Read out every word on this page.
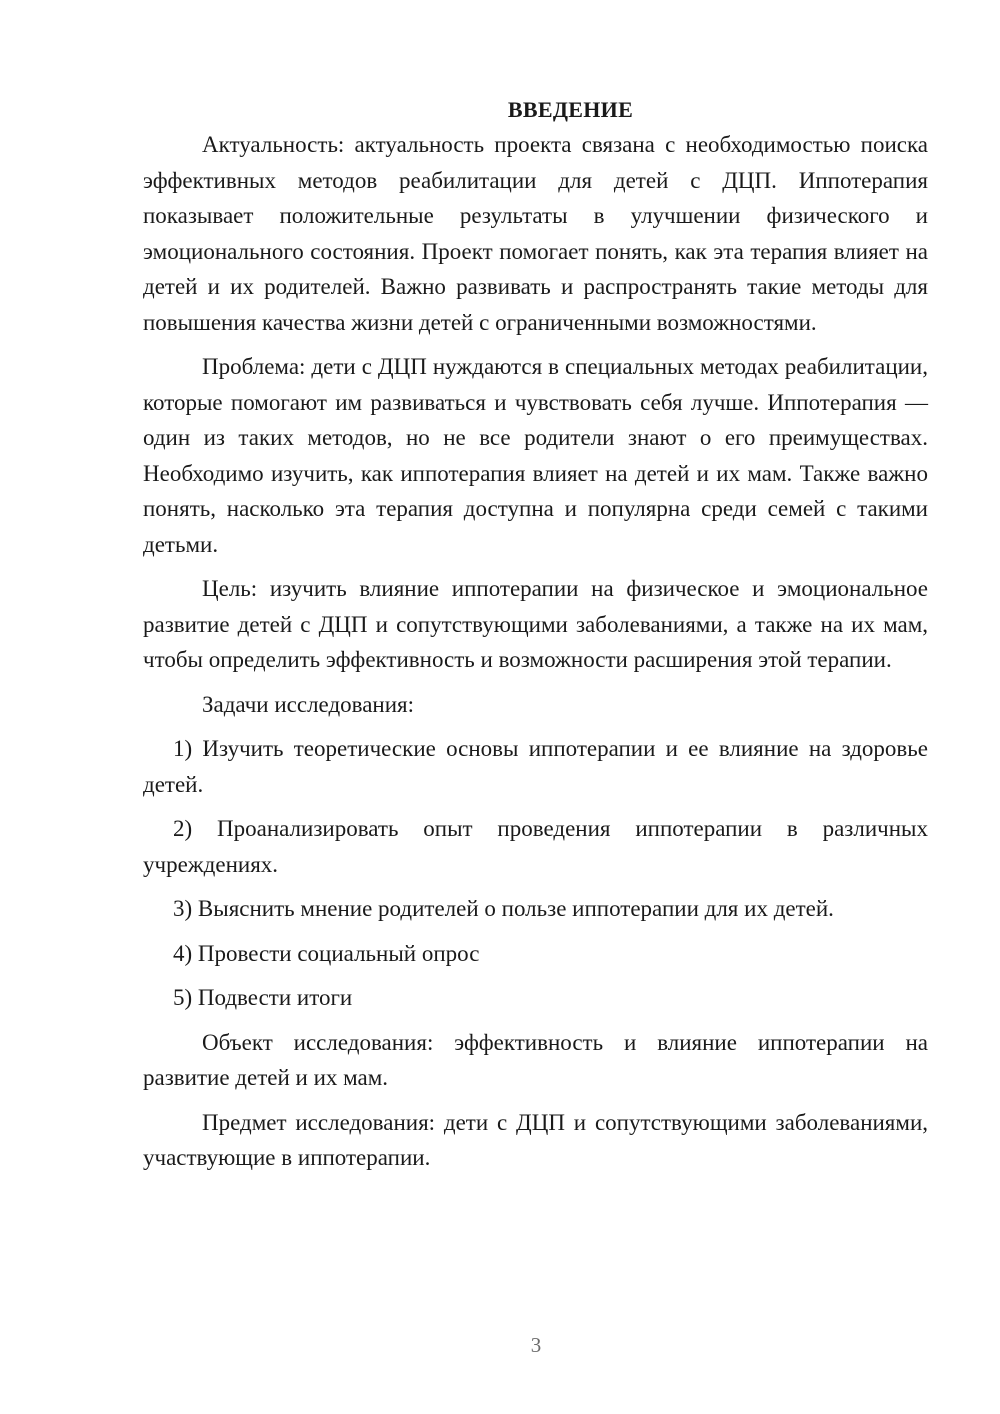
ВВЕДЕНИЕ

Актуальность: актуальность проекта связана с необходимостью поиска эффективных методов реабилитации для детей с ДЦП. Иппотерапия показывает положительные результаты в улучшении физического и эмоционального состояния. Проект помогает понять, как эта терапия влияет на детей и их родителей. Важно развивать и распространять такие методы для повышения качества жизни детей с ограниченными возможностями.

Проблема: дети с ДЦП нуждаются в специальных методах реабилитации, которые помогают им развиваться и чувствовать себя лучше. Иппотерапия — один из таких методов, но не все родители знают о его преимуществах. Необходимо изучить, как иппотерапия влияет на детей и их мам. Также важно понять, насколько эта терапия доступна и популярна среди семей с такими детьми.

Цель: изучить влияние иппотерапии на физическое и эмоциональное развитие детей с ДЦП и сопутствующими заболеваниями, а также на их мам, чтобы определить эффективность и возможности расширения этой терапии.

Задачи исследования:

1) Изучить теоретические основы иппотерапии и ее влияние на здоровье детей.

2) Проанализировать опыт проведения иппотерапии в различных учреждениях.

3) Выяснить мнение родителей о пользе иппотерапии для их детей.

4) Провести социальный опрос

5) Подвести итоги

Объект исследования: эффективность и влияние иппотерапии на развитие детей и их мам.

Предмет исследования: дети с ДЦП и сопутствующими заболеваниями, участвующие в иппотерапии.

3
